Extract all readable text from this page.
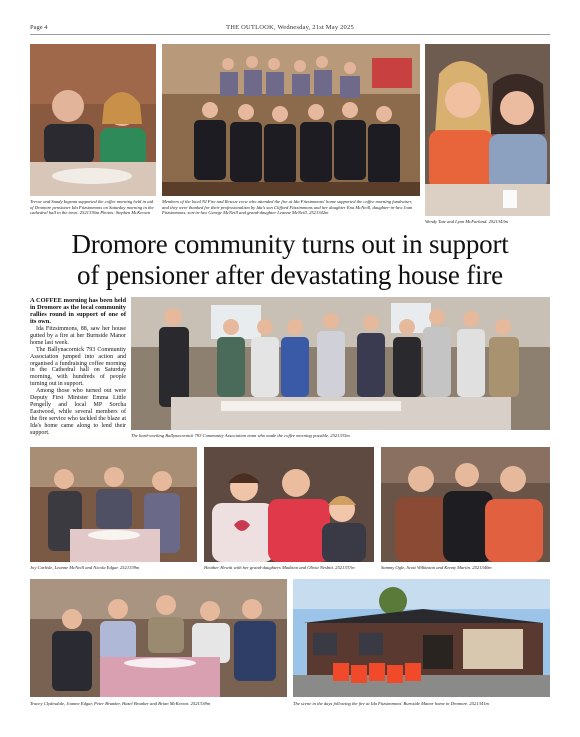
Page 4	THE OUTLOOK, Wednesday, 21st May 2025
Trevor and Sandy Ingram supported the coffee morning held in aid of Dromore pensioner Ida Fitzsimmons on Saturday morning in the cathedral hall in the town. 2521336m Photos: Stephen McKeown
Members of the local NI Fire and Rescue crew who attended the fire at Ida Fitzsimmons' home supported the coffee morning fundraiser, and they were thanked for their professionalism by Ida's son Clifford Fitzsimmons and her daughter Ena McNeill, daughter-in-law Joan Fitzsimmons, son-in-law George McNeill and grand-daughter Leanne McNeill. 2521342m
Wendy Tate and Lynn McFarland. 2521343m
Dromore community turns out in support
of pensioner after devastating house fire

A COFFEE morning has been held in Dromore as the local community rallies round in support of one of its own.

Ida Fitzsimmons, 88, saw her house gutted by a fire at her Burnside Manor home last week.

The Ballynacornick 793 Community Association jumped into action and organised a fundraising coffee morning in the Cathedral hall on Saturday morning, with hundreds of people turning out in support.

Among those who turned out were Deputy First Minister Emma Little Pengelly and local MP Sorcha Eastwood, while several members of the fire service who tackled the blaze at Ida's home came along to lend their support.	The hard-working Ballynacornick 793 Community Association team who made the coffee morning possible. 2521335m
Joy Carlisle, Leanne McNeill and Nicola Edgar. 2521339m	Heather Hewitt with her grand-daughters Madison and Olivia Nesbitt. 2521337m	Sammy Ogle, Scott Wilkinson and Kenny Martin. 2521340m
Tracey Clydesdale, Joanne Edgar, Peter Brunker, Hazel Brunker and Brian McKeown. 2521338m	The scene in the days following the fire at Ida Fitzsimmons' Burnside Manor home in Dromore. 2521341m
